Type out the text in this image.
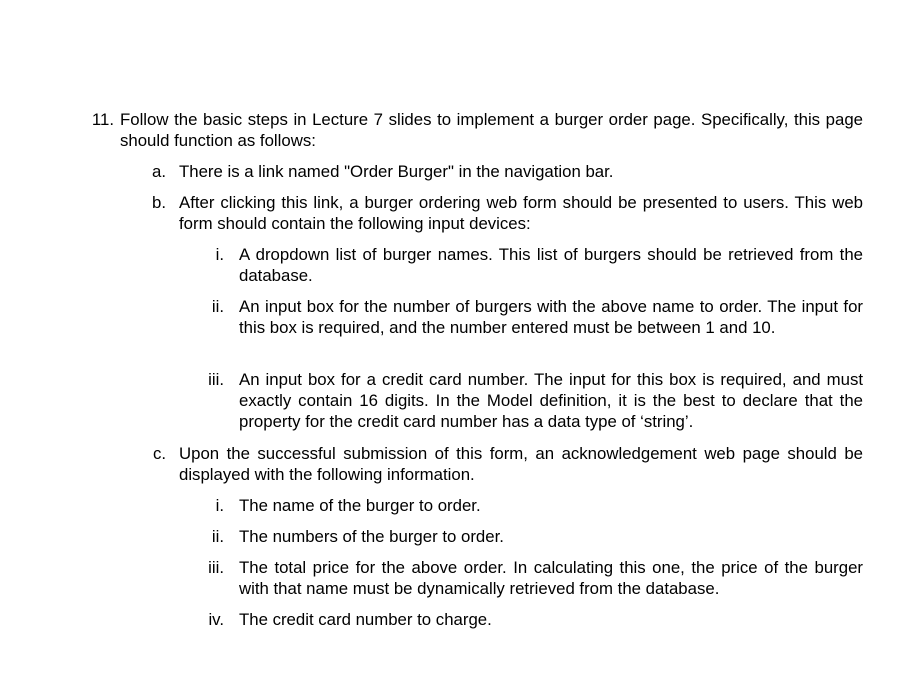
11. Follow the basic steps in Lecture 7 slides to implement a burger order page. Specifically, this page should function as follows:
a. There is a link named "Order Burger" in the navigation bar.
b. After clicking this link, a burger ordering web form should be presented to users. This web form should contain the following input devices:
i. A dropdown list of burger names. This list of burgers should be retrieved from the database.
ii. An input box for the number of burgers with the above name to order. The input for this box is required, and the number entered must be between 1 and 10.
iii. An input box for a credit card number. The input for this box is required, and must exactly contain 16 digits. In the Model definition, it is the best to declare that the property for the credit card number has a data type of ‘string’.
c. Upon the successful submission of this form, an acknowledgement web page should be displayed with the following information.
i. The name of the burger to order.
ii. The numbers of the burger to order.
iii. The total price for the above order. In calculating this one, the price of the burger with that name must be dynamically retrieved from the database.
iv. The credit card number to charge.
